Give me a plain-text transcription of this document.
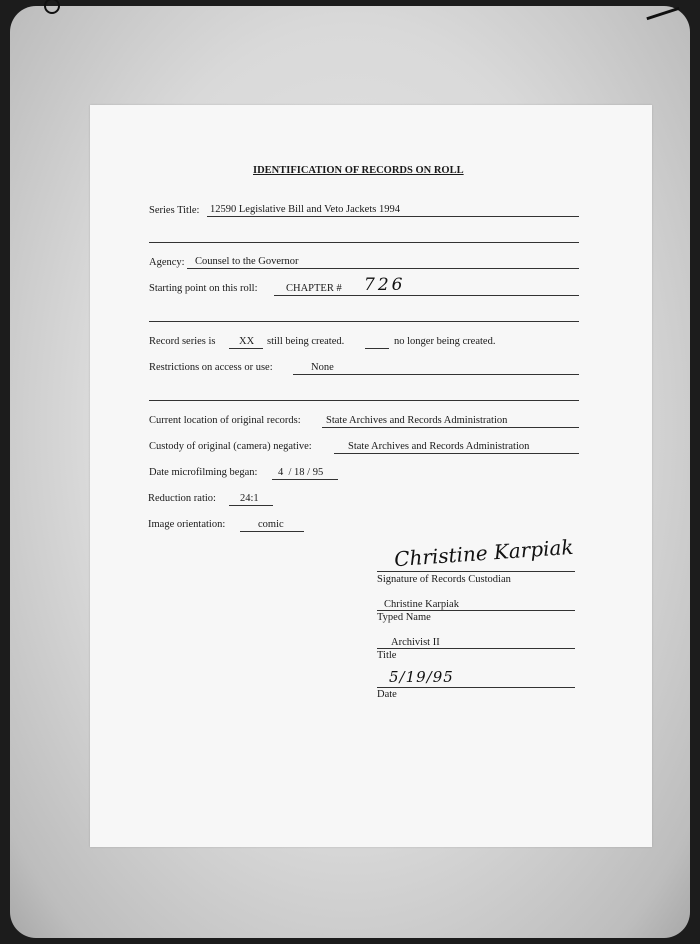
IDENTIFICATION OF RECORDS ON ROLL
Series Title: 12590 Legislative Bill and Veto Jackets 1994
Agency: Counsel to the Governor
Starting point on this roll:	CHAPTER # 726
Record series is XX still being created.	no longer being created.
Restrictions on access or use:	None
Current location of original records: State Archives and Records Administration
Custody of original (camera) negative:	State Archives and Records Administration
Date microfilming began: 4  / 18 / 95
Reduction ratio: 24:1
Image orientation:	comic
Christine Karpiak
Signature of Records Custodian
Christine Karpiak
Typed Name
Archivist II
Title
5/19/95
Date
